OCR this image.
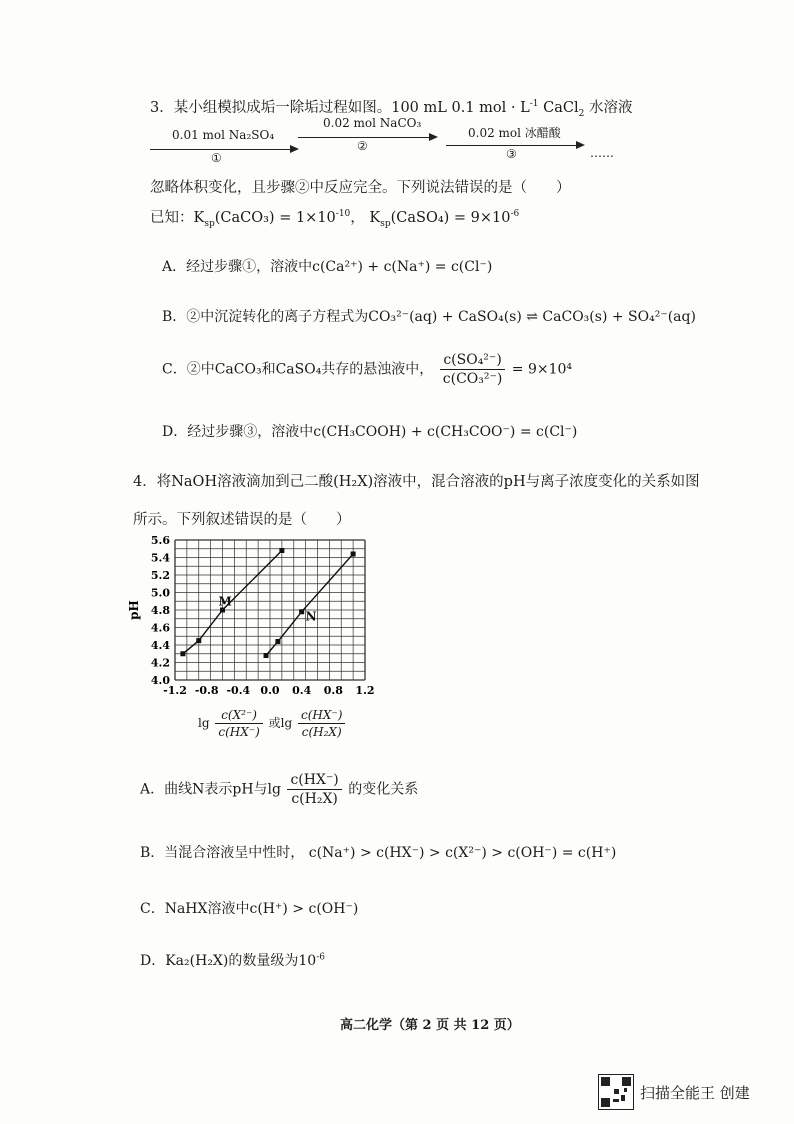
3．某小组模拟成垢一除垢过程如图。100 mL 0.1 mol · $L^{-1}$ CaCl$_2$ 水溶液
0.01 mol Na₂SO₄
①
0.02 mol NaCO₃
②
0.02 mol 冰醋酸
③	……
忽略体积变化，且步骤②中反应完全。下列说法错误的是（　　）
已知：$K_{sp}(CaCO_3) = 1\times 10^{-10}$， $K_{sp}(CaSO_4) = 9\times 10^{-6}$
A．经过步骤①，溶液中c(Ca²⁺) + c(Na⁺) = c(Cl⁻)
B．②中沉淀转化的离子方程式为CO₃²⁻(aq) + CaSO₄(s) ⇌ CaCO₃(s) + SO₄²⁻(aq)
C．②中CaCO₃和CaSO₄共存的悬浊液中， $\frac{\text{c(SO₄²⁻)}}{\text{c(CO₃²⁻)}} = 9\times 10^4$
D．经过步骤③，溶液中c(CH₃COOH) + c(CH₃COO⁻) = c(Cl⁻)
4．将NaOH溶液滴加到己二酸(H₂X)溶液中，混合溶液的pH与离子浓度变化的关系如图
所示。下列叙述错误的是（　　）
-1.2 -0.8 -0.4 0.0 0.4 0.8 1.2
4.0
4.2
4.4
4.6
4.8
5.0
5.2
5.4
5.6
pH	M
N
$\lg \frac{\text{c(X²⁻)}}{c(HX^-)}$ 或$\lg \frac{c(HX^-)}{\text{c(H₂X)}}$
A．曲线N表示pH与$\lg \frac{c(HX^-)}{\text{c(H₂X)}}$ 的变化关系
B．当混合溶液呈中性时， c(Na⁺) > c(HX⁻) > c(X²⁻) > c(OH⁻) = c(H⁺)
C．NaHX溶液中c(H⁺) > c(OH⁻)
D．Ka₂(H₂X)的数量级为$10^{-6}$
高二化学（第 2 页 共 12 页）
扫描全能王 创建
